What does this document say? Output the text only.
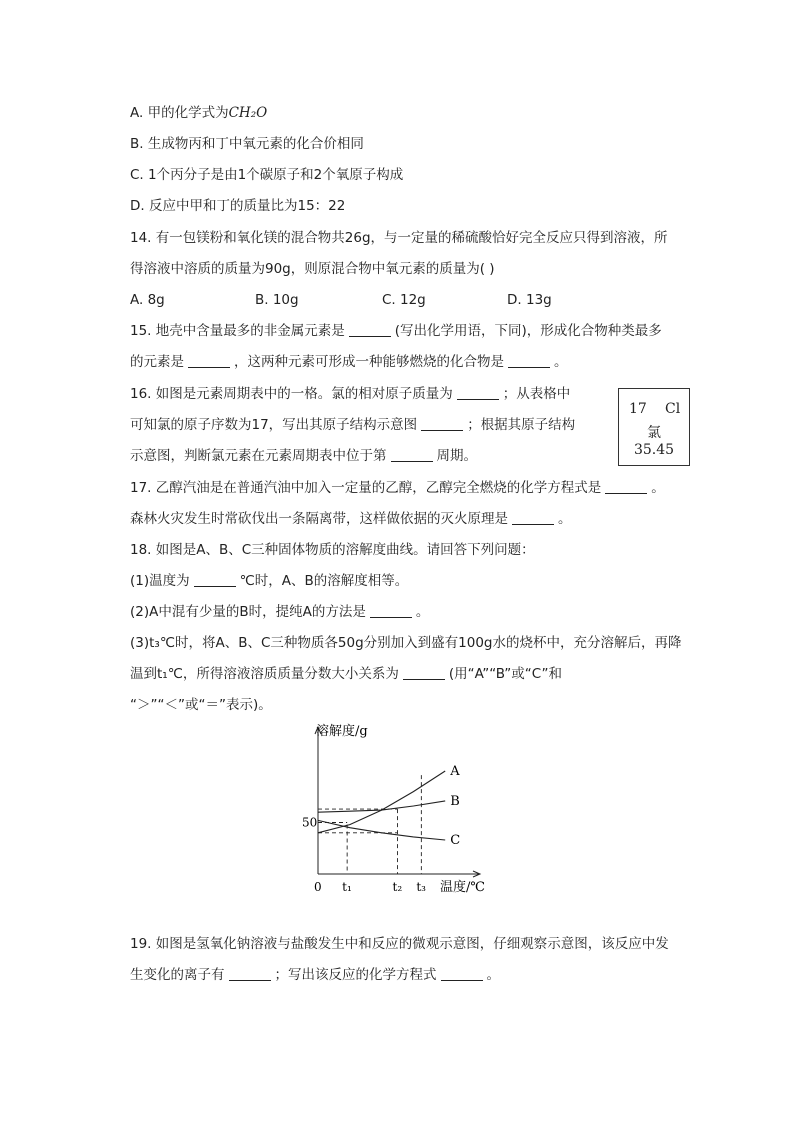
A. 甲的化学式为CH₂O
B. 生成物丙和丁中氧元素的化合价相同
C. 1个丙分子是由1个碳原子和2个氧原子构成
D. 反应中甲和丁的质量比为15：22
14. 有一包镁粉和氧化镁的混合物共26g，与一定量的稀硫酸恰好完全反应只得到溶液，所
得溶液中溶质的质量为90g，则原混合物中氧元素的质量为( )
A. 8g	B. 10g	C. 12g	D. 13g
15. 地壳中含量最多的非金属元素是	(写出化学用语，下同)，形成化合物种类最多
的元素是	，这两种元素可形成一种能够燃烧的化合物是	。
16. 如图是元素周期表中的一格。氯的相对原子质量为	；从表格中
可知氯的原子序数为17，写出其原子结构示意图	；根据其原子结构
示意图，判断氯元素在元素周期表中位于第	周期。
17 Cl
氯
35.45
17. 乙醇汽油是在普通汽油中加入一定量的乙醇，乙醇完全燃烧的化学方程式是	。
森林火灾发生时常砍伐出一条隔离带，这样做依据的灭火原理是	。
18. 如图是A、B、C三种固体物质的溶解度曲线。请回答下列问题：
(1)温度为	℃时，A、B的溶解度相等。
(2)A中混有少量的B时，提纯A的方法是	。
(3)t₃℃时，将A、B、C三种物质各50g分别加入到盛有100g水的烧杯中，充分溶解后，再降
温到t₁℃，所得溶液溶质质量分数大小关系为	(用“A”“B”或“C”和
“＞”“＜”或“＝”表示)。
A
B
C
溶解度/g
温度/℃
50
0 t₁	t₂ t₃
19. 如图是氢氧化钠溶液与盐酸发生中和反应的微观示意图，仔细观察示意图，该反应中发
生变化的离子有	；写出该反应的化学方程式	。
